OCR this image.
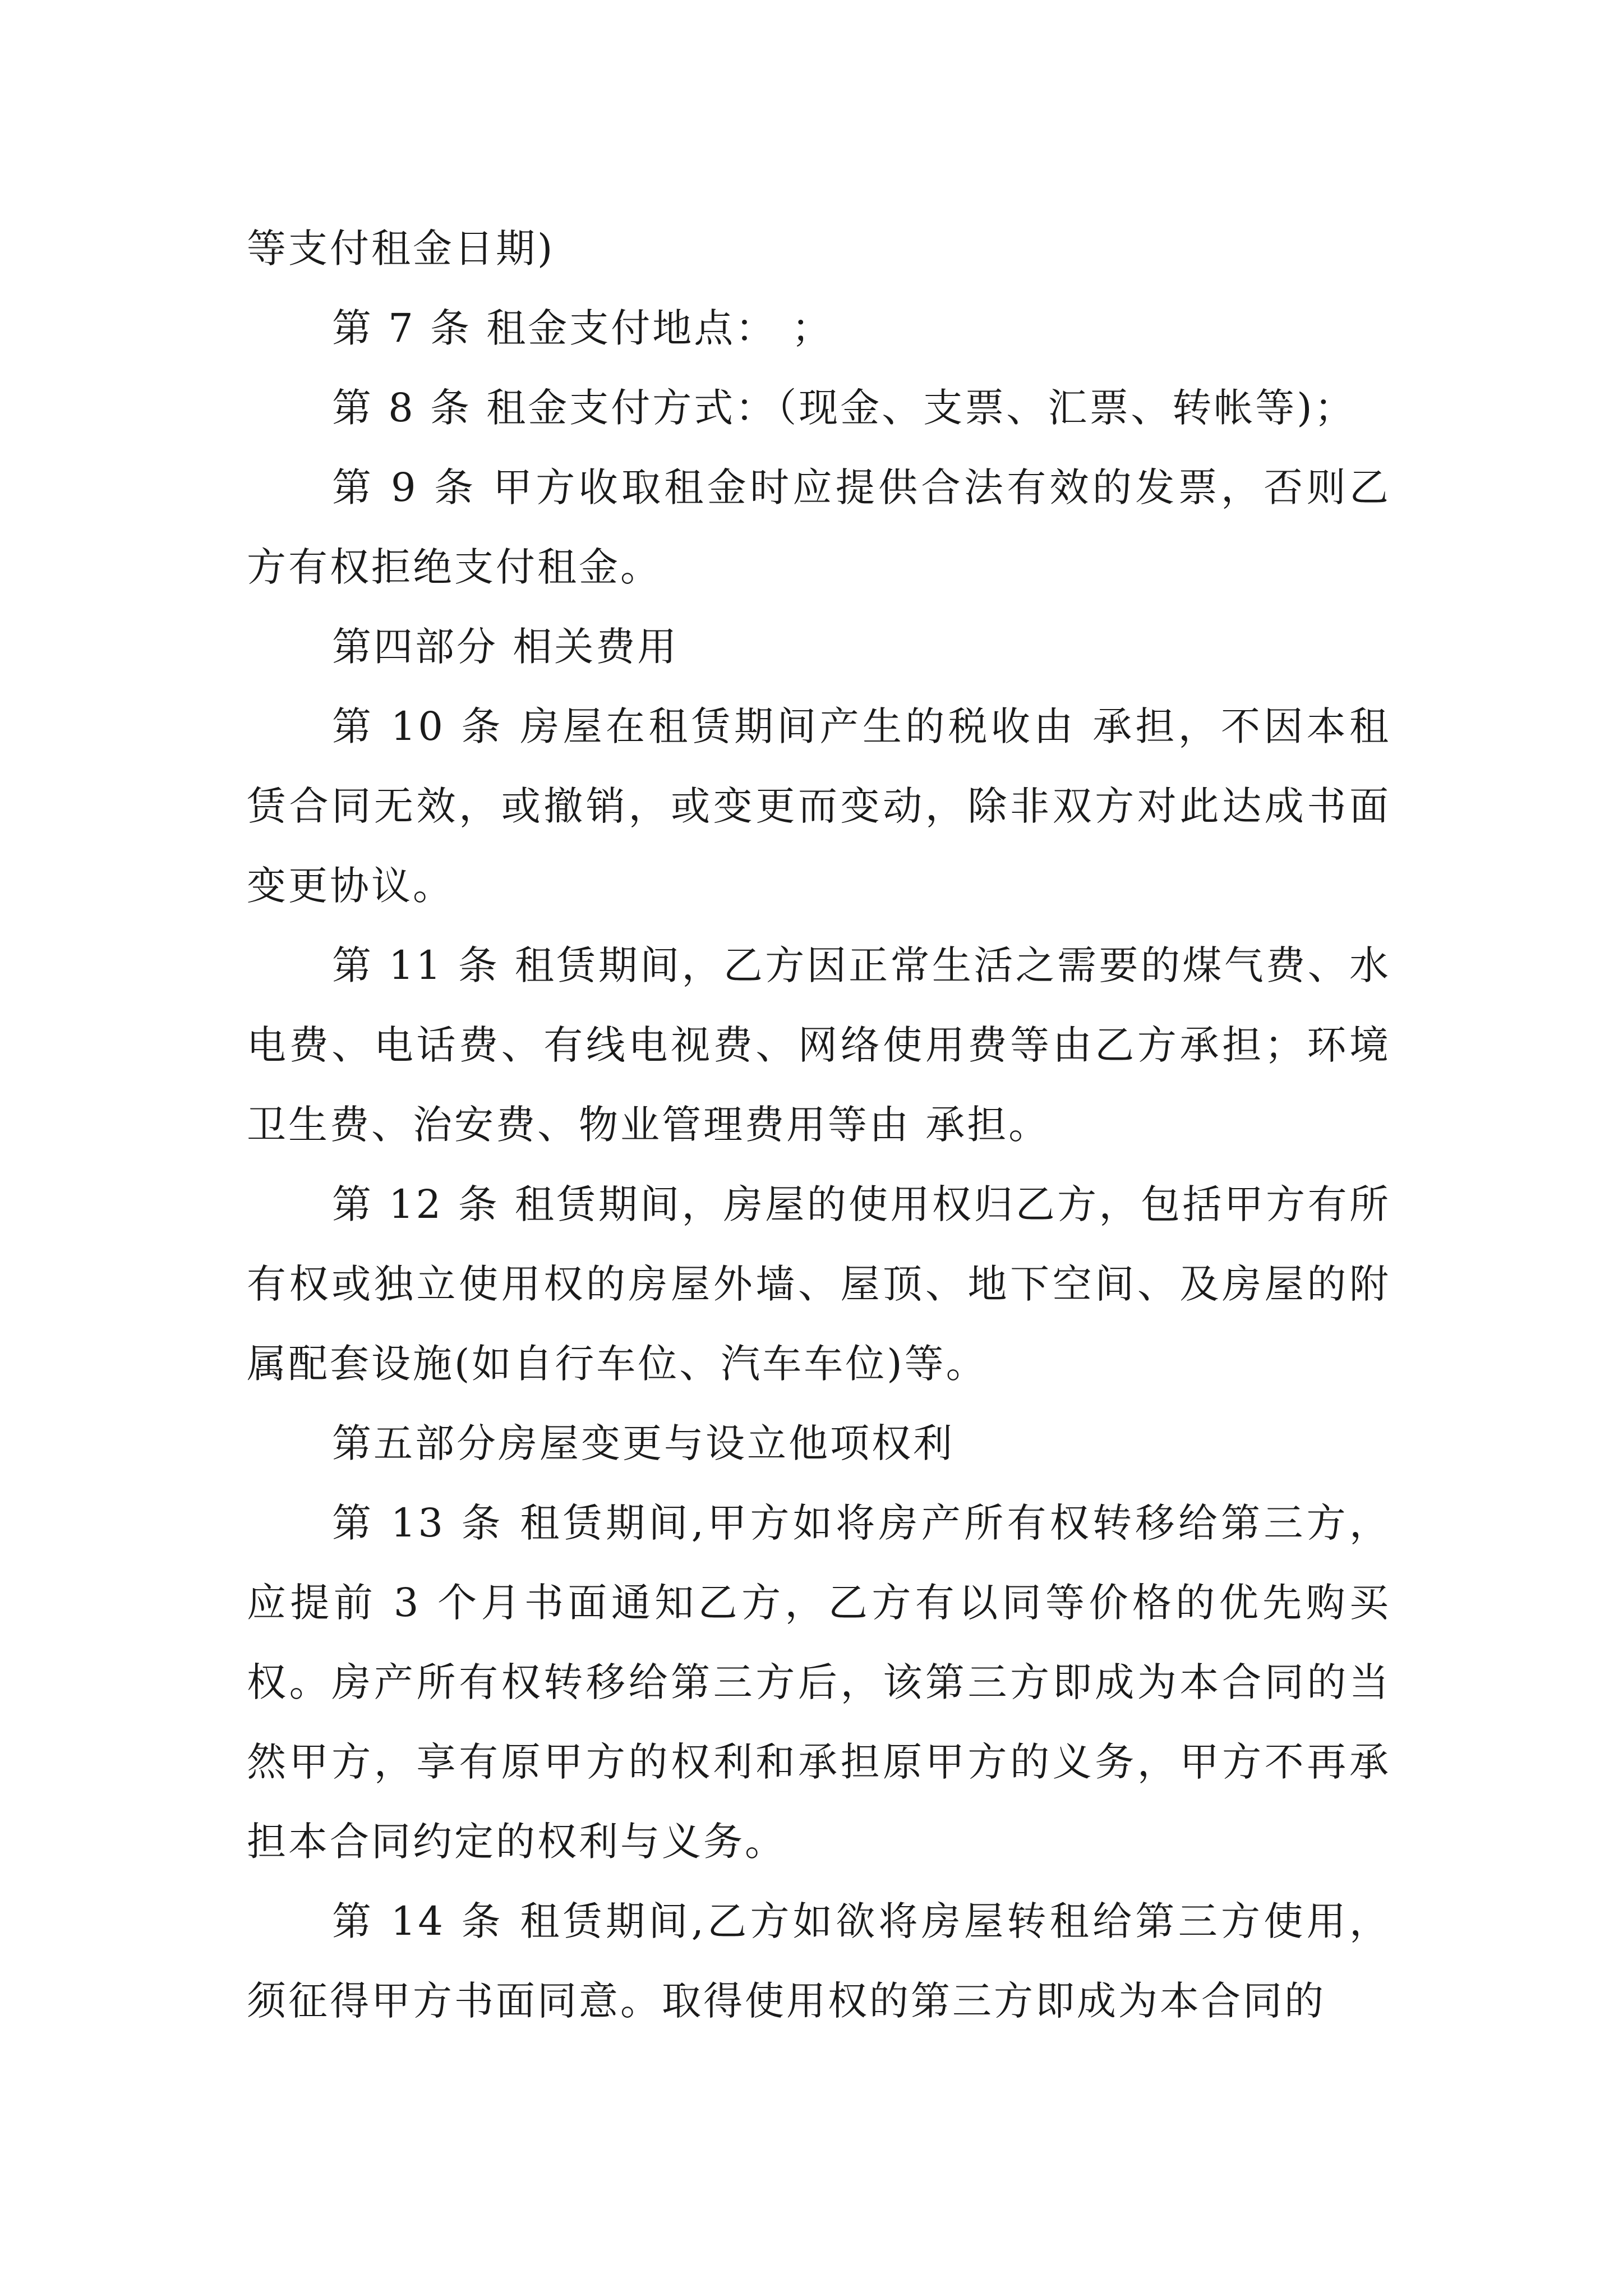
等支付租金日期)

第 7 条 租金支付地点： ；

第 8 条 租金支付方式：（现金、支票、汇票、转帐等)；

第 9 条 甲方收取租金时应提供合法有效的发票，否则乙方有权拒绝支付租金。

第四部分 相关费用

第 10 条 房屋在租赁期间产生的税收由 承担，不因本租赁合同无效，或撤销，或变更而变动，除非双方对此达成书面变更协议。

第 11 条 租赁期间，乙方因正常生活之需要的煤气费、水电费、电话费、有线电视费、网络使用费等由乙方承担；环境卫生费、治安费、物业管理费用等由 承担。

第 12 条 租赁期间，房屋的使用权归乙方，包括甲方有所有权或独立使用权的房屋外墙、屋顶、地下空间、及房屋的附属配套设施(如自行车位、汽车车位)等。

第五部分房屋变更与设立他项权利

第 13 条 租赁期间,甲方如将房产所有权转移给第三方，应提前 3 个月书面通知乙方，乙方有以同等价格的优先购买权。房产所有权转移给第三方后，该第三方即成为本合同的当然甲方，享有原甲方的权利和承担原甲方的义务，甲方不再承担本合同约定的权利与义务。

第 14 条 租赁期间,乙方如欲将房屋转租给第三方使用，须征得甲方书面同意。取得使用权的第三方即成为本合同的
